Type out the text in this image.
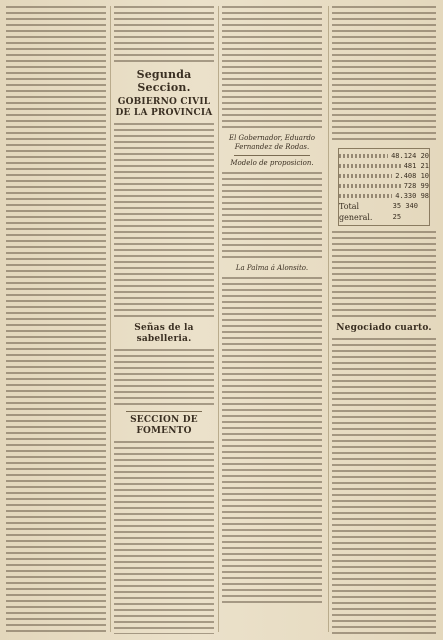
Segunda Seccion.
GOBIERNO CIVIL DE LA PROVINCIA
Señas de la sabelleria.
SECCION DE FOMENTO
El Gobernador, Eduardo Fernandez de Rodas.
Modelo de proposicion.
La Palma á Alonsito.
48.124 20
481 21
2.408 10
728 99
4.330 98
Total general.
35 340 25
Negociado cuarto.
